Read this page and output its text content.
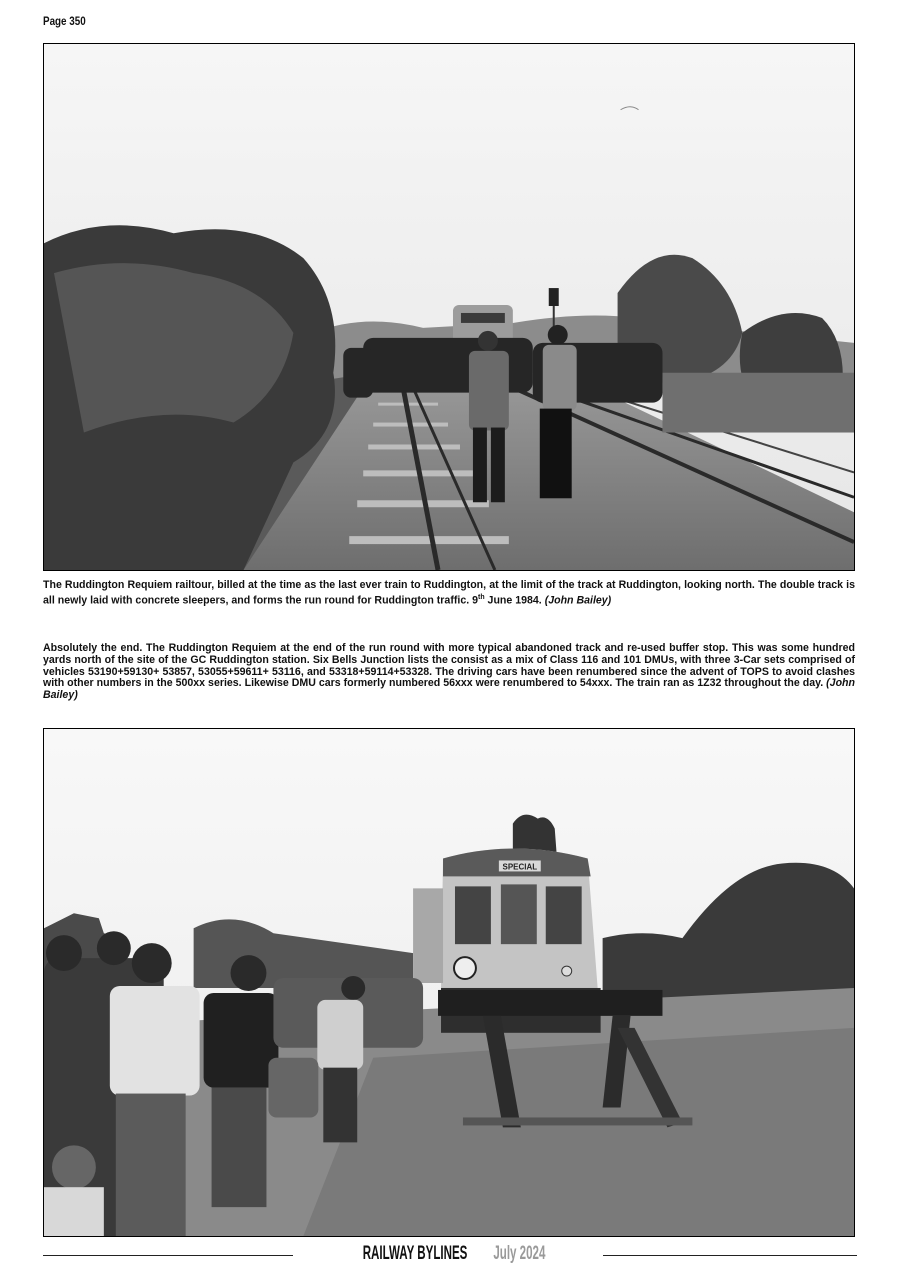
Page 350

The Ruddington Requiem railtour, billed at the time as the last ever train to Ruddington, at the limit of the track at Ruddington, looking north. The double track is all newly laid with concrete sleepers, and forms the run round for Ruddington traffic. 9th June 1984. (John Bailey)

Absolutely the end. The Ruddington Requiem at the end of the run round with more typical abandoned track and re-used buffer stop. This was some hundred yards north of the site of the GC Ruddington station. Six Bells Junction lists the consist as a mix of Class 116 and 101 DMUs, with three 3-Car sets comprised of vehicles 53190+59130+ 53857, 53055+59611+ 53116, and 53318+59114+53328. The driving cars have been renumbered since the advent of TOPS to avoid clashes with other numbers in the 500xx series. Likewise DMU cars formerly numbered 56xxx were renumbered to 54xxx. The train ran as 1Z32 throughout the day. (John Bailey)

SPECIAL
RAILWAY BYLINES July 2024
